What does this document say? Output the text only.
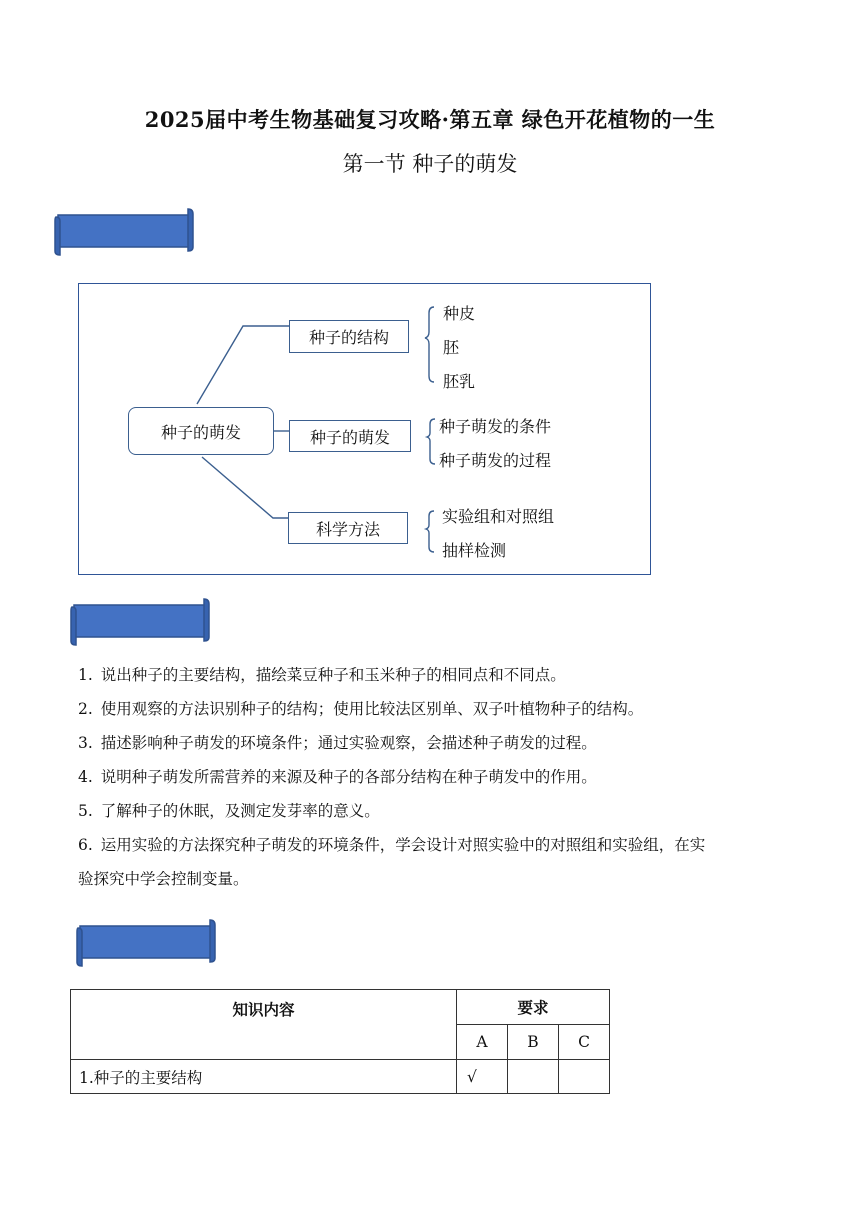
2025届中考生物基础复习攻略·第五章 绿色开花植物的一生
第一节 种子的萌发
种子的萌发
种子的结构
种子的萌发
科学方法
种皮
胚
胚乳
种子萌发的条件
种子萌发的过程
实验组和对照组
抽样检测

1. 说出种子的主要结构，描绘菜豆种子和玉米种子的相同点和不同点。

2. 使用观察的方法识别种子的结构；使用比较法区别单、双子叶植物种子的结构。

3. 描述影响种子萌发的环境条件；通过实验观察，会描述种子萌发的过程。

4. 说明种子萌发所需营养的来源及种子的各部分结构在种子萌发中的作用。

5. 了解种子的休眠，及测定发芽率的意义。

6. 运用实验的方法探究种子萌发的环境条件，学会设计对照实验中的对照组和实验组，在实

验探究中学会控制变量。

知识内容	要求		
	A	B	C
1.种子的主要结构	√		
